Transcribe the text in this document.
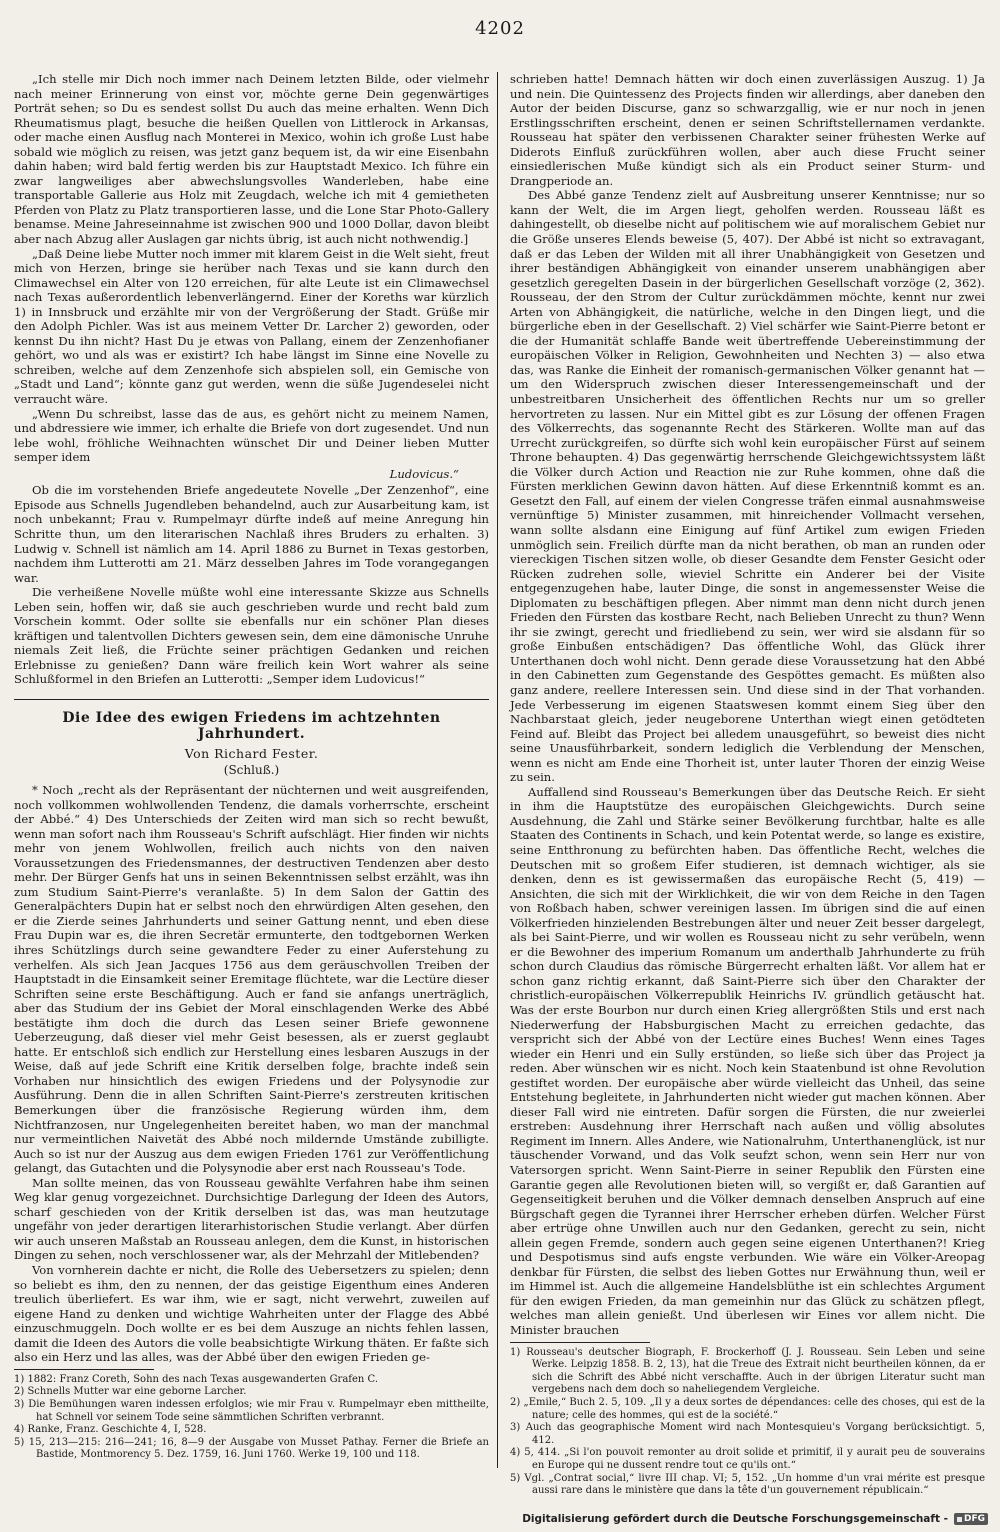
4202

„Ich stelle mir Dich noch immer nach Deinem letzten Bilde, oder vielmehr nach meiner Erinnerung von einst vor, möchte gerne Dein gegenwärtiges Porträt sehen; so Du es sendest sollst Du auch das meine erhalten. Wenn Dich Rheumatismus plagt, besuche die heißen Quellen von Littlerock in Arkansas, oder mache einen Ausflug nach Monterei in Mexico, wohin ich große Lust habe sobald wie möglich zu reisen, was jetzt ganz bequem ist, da wir eine Eisenbahn dahin haben; wird bald fertig werden bis zur Hauptstadt Mexico. Ich führe ein zwar langweiliges aber abwechslungsvolles Wanderleben, habe eine transportable Gallerie aus Holz mit Zeugdach, welche ich mit 4 gemietheten Pferden von Platz zu Platz transportieren lasse, und die Lone Star Photo-Gallery benamse. Meine Jahreseinnahme ist zwischen 900 und 1000 Dollar, davon bleibt aber nach Abzug aller Auslagen gar nichts übrig, ist auch nicht nothwendig.]

„Daß Deine liebe Mutter noch immer mit klarem Geist in die Welt sieht, freut mich von Herzen, bringe sie herüber nach Texas und sie kann durch den Climawechsel ein Alter von 120 erreichen, für alte Leute ist ein Climawechsel nach Texas außerordentlich lebenverlängernd. Einer der Koreths war kürzlich 1) in Innsbruck und erzählte mir von der Vergrößerung der Stadt. Grüße mir den Adolph Pichler. Was ist aus meinem Vetter Dr. Larcher 2) geworden, oder kennst Du ihn nicht? Hast Du je etwas von Pallang, einem der Zenzenhofianer gehört, wo und als was er existirt? Ich habe längst im Sinne eine Novelle zu schreiben, welche auf dem Zenzenhofe sich abspielen soll, ein Gemische von „Stadt und Land“; könnte ganz gut werden, wenn die süße Jugendeselei nicht verraucht wäre.

„Wenn Du schreibst, lasse das de aus, es gehört nicht zu meinem Namen, und abdressiere wie immer, ich erhalte die Briefe von dort zugesendet. Und nun lebe wohl, fröhliche Weihnachten wünschet Dir und Deiner lieben Mutter semper idem

Ludovicus.“

Ob die im vorstehenden Briefe angedeutete Novelle „Der Zenzenhof“, eine Episode aus Schnells Jugendleben behandelnd, auch zur Ausarbeitung kam, ist noch unbekannt; Frau v. Rumpelmayr dürfte indeß auf meine Anregung hin Schritte thun, um den literarischen Nachlaß ihres Bruders zu erhalten. 3) Ludwig v. Schnell ist nämlich am 14. April 1886 zu Burnet in Texas gestorben, nachdem ihm Lutterotti am 21. März desselben Jahres im Tode vorangegangen war.

Die verheißene Novelle müßte wohl eine interessante Skizze aus Schnells Leben sein, hoffen wir, daß sie auch geschrieben wurde und recht bald zum Vorschein kommt. Oder sollte sie ebenfalls nur ein schöner Plan dieses kräftigen und talentvollen Dichters gewesen sein, dem eine dämonische Unruhe niemals Zeit ließ, die Früchte seiner prächtigen Gedanken und reichen Erlebnisse zu genießen? Dann wäre freilich kein Wort wahrer als seine Schlußformel in den Briefen an Lutterotti: „Semper idem Ludovicus!“

Die Idee des ewigen Friedens im achtzehnten Jahrhundert.
Von Richard Fester.
(Schluß.)

* Noch „recht als der Repräsentant der nüchternen und weit ausgreifenden, noch vollkommen wohlwollenden Tendenz, die damals vorherrschte, erscheint der Abbé.“ 4) Des Unterschieds der Zeiten wird man sich so recht bewußt, wenn man sofort nach ihm Rousseau's Schrift aufschlägt. Hier finden wir nichts mehr von jenem Wohlwollen, freilich auch nichts von den naiven Voraussetzungen des Friedensmannes, der destructiven Tendenzen aber desto mehr. Der Bürger Genfs hat uns in seinen Bekenntnissen selbst erzählt, was ihn zum Studium Saint-Pierre's veranlaßte. 5) In dem Salon der Gattin des Generalpächters Dupin hat er selbst noch den ehrwürdigen Alten gesehen, den er die Zierde seines Jahrhunderts und seiner Gattung nennt, und eben diese Frau Dupin war es, die ihren Secretär ermunterte, den todtgebornen Werken ihres Schützlings durch seine gewandtere Feder zu einer Auferstehung zu verhelfen. Als sich Jean Jacques 1756 aus dem geräuschvollen Treiben der Hauptstadt in die Einsamkeit seiner Eremitage flüchtete, war die Lectüre dieser Schriften seine erste Beschäftigung. Auch er fand sie anfangs unerträglich, aber das Studium der ins Gebiet der Moral einschlagenden Werke des Abbé bestätigte ihm doch die durch das Lesen seiner Briefe gewonnene Ueberzeugung, daß dieser viel mehr Geist besessen, als er zuerst geglaubt hatte. Er entschloß sich endlich zur Herstellung eines lesbaren Auszugs in der Weise, daß auf jede Schrift eine Kritik derselben folge, brachte indeß sein Vorhaben nur hinsichtlich des ewigen Friedens und der Polysynodie zur Ausführung. Denn die in allen Schriften Saint-Pierre's zerstreuten kritischen Bemerkungen über die französische Regierung würden ihm, dem Nichtfranzosen, nur Ungelegenheiten bereitet haben, wo man der manchmal nur vermeintlichen Naivetät des Abbé noch mildernde Umstände zubilligte. Auch so ist nur der Auszug aus dem ewigen Frieden 1761 zur Veröffentlichung gelangt, das Gutachten und die Polysynodie aber erst nach Rousseau's Tode.

Man sollte meinen, das von Rousseau gewählte Verfahren habe ihm seinen Weg klar genug vorgezeichnet. Durchsichtige Darlegung der Ideen des Autors, scharf geschieden von der Kritik derselben ist das, was man heutzutage ungefähr von jeder derartigen literarhistorischen Studie verlangt. Aber dürfen wir auch unseren Maßstab an Rousseau anlegen, dem die Kunst, in historischen Dingen zu sehen, noch verschlossener war, als der Mehrzahl der Mitlebenden?

Von vornherein dachte er nicht, die Rolle des Uebersetzers zu spielen; denn so beliebt es ihm, den zu nennen, der das geistige Eigenthum eines Anderen treulich überliefert. Es war ihm, wie er sagt, nicht verwehrt, zuweilen auf eigene Hand zu denken und wichtige Wahrheiten unter der Flagge des Abbé einzuschmuggeln. Doch wollte er es bei dem Auszuge an nichts fehlen lassen, damit die Ideen des Autors die volle beabsichtigte Wirkung thäten. Er faßte sich also ein Herz und las alles, was der Abbé über den ewigen Frieden ge-

1) 1882: Franz Coreth, Sohn des nach Texas ausgewanderten Grafen C.

2) Schnells Mutter war eine geborne Larcher.

3) Die Bemühungen waren indessen erfolglos; wie mir Frau v. Rumpelmayr eben mittheilte, hat Schnell vor seinem Tode seine sämmtlichen Schriften verbrannt.

4) Ranke, Franz. Geschichte 4, I, 528.

5) 15, 213—215: 216—241; 16, 8—9 der Ausgabe von Musset Pathay. Ferner die Briefe an Bastide, Montmorency 5. Dez. 1759, 16. Juni 1760. Werke 19, 100 und 118.

schrieben hatte! Demnach hätten wir doch einen zuverlässigen Auszug. 1) Ja und nein. Die Quintessenz des Projects finden wir allerdings, aber daneben den Autor der beiden Discurse, ganz so schwarzgallig, wie er nur noch in jenen Erstlingsschriften erscheint, denen er seinen Schriftstellernamen verdankte. Rousseau hat später den verbissenen Charakter seiner frühesten Werke auf Diderots Einfluß zurückführen wollen, aber auch diese Frucht seiner einsiedlerischen Muße kündigt sich als ein Product seiner Sturm- und Drangperiode an.

Des Abbé ganze Tendenz zielt auf Ausbreitung unserer Kenntnisse; nur so kann der Welt, die im Argen liegt, geholfen werden. Rousseau läßt es dahingestellt, ob dieselbe nicht auf politischem wie auf moralischem Gebiet nur die Größe unseres Elends beweise (5, 407). Der Abbé ist nicht so extravagant, daß er das Leben der Wilden mit all ihrer Unabhängigkeit von Gesetzen und ihrer beständigen Abhängigkeit von einander unserem unabhängigen aber gesetzlich geregelten Dasein in der bürgerlichen Gesellschaft vorzöge (2, 362). Rousseau, der den Strom der Cultur zurückdämmen möchte, kennt nur zwei Arten von Abhängigkeit, die natürliche, welche in den Dingen liegt, und die bürgerliche eben in der Gesellschaft. 2) Viel schärfer wie Saint-Pierre betont er die der Humanität schlaffe Bande weit übertreffende Uebereinstimmung der europäischen Völker in Religion, Gewohnheiten und Nechten 3) — also etwa das, was Ranke die Einheit der romanisch-germanischen Völker genannt hat — um den Widerspruch zwischen dieser Interessengemeinschaft und der unbestreitbaren Unsicherheit des öffentlichen Rechts nur um so greller hervortreten zu lassen. Nur ein Mittel gibt es zur Lösung der offenen Fragen des Völkerrechts, das sogenannte Recht des Stärkeren. Wollte man auf das Urrecht zurückgreifen, so dürfte sich wohl kein europäischer Fürst auf seinem Throne behaupten. 4) Das gegenwärtig herrschende Gleichgewichtssystem läßt die Völker durch Action und Reaction nie zur Ruhe kommen, ohne daß die Fürsten merklichen Gewinn davon hätten. Auf diese Erkenntniß kommt es an. Gesetzt den Fall, auf einem der vielen Congresse träfen einmal ausnahmsweise vernünftige 5) Minister zusammen, mit hinreichender Vollmacht versehen, wann sollte alsdann eine Einigung auf fünf Artikel zum ewigen Frieden unmöglich sein. Freilich dürfte man da nicht berathen, ob man an runden oder viereckigen Tischen sitzen wolle, ob dieser Gesandte dem Fenster Gesicht oder Rücken zudrehen solle, wieviel Schritte ein Anderer bei der Visite entgegenzugehen habe, lauter Dinge, die sonst in angemessenster Weise die Diplomaten zu beschäftigen pflegen. Aber nimmt man denn nicht durch jenen Frieden den Fürsten das kostbare Recht, nach Belieben Unrecht zu thun? Wenn ihr sie zwingt, gerecht und friedliebend zu sein, wer wird sie alsdann für so große Einbußen entschädigen? Das öffentliche Wohl, das Glück ihrer Unterthanen doch wohl nicht. Denn gerade diese Voraussetzung hat den Abbé in den Cabinetten zum Gegenstande des Gespöttes gemacht. Es müßten also ganz andere, reellere Interessen sein. Und diese sind in der That vorhanden. Jede Verbesserung im eigenen Staatswesen kommt einem Sieg über den Nachbarstaat gleich, jeder neugeborene Unterthan wiegt einen getödteten Feind auf. Bleibt das Project bei alledem unausgeführt, so beweist dies nicht seine Unausführbarkeit, sondern lediglich die Verblendung der Menschen, wenn es nicht am Ende eine Thorheit ist, unter lauter Thoren der einzig Weise zu sein.

Auffallend sind Rousseau's Bemerkungen über das Deutsche Reich. Er sieht in ihm die Hauptstütze des europäischen Gleichgewichts. Durch seine Ausdehnung, die Zahl und Stärke seiner Bevölkerung furchtbar, halte es alle Staaten des Continents in Schach, und kein Potentat werde, so lange es existire, seine Entthronung zu befürchten haben. Das öffentliche Recht, welches die Deutschen mit so großem Eifer studieren, ist demnach wichtiger, als sie denken, denn es ist gewissermaßen das europäische Recht (5, 419) — Ansichten, die sich mit der Wirklichkeit, die wir von dem Reiche in den Tagen von Roßbach haben, schwer vereinigen lassen. Im übrigen sind die auf einen Völkerfrieden hinzielenden Bestrebungen älter und neuer Zeit besser dargelegt, als bei Saint-Pierre, und wir wollen es Rousseau nicht zu sehr verübeln, wenn er die Bewohner des imperium Romanum um anderthalb Jahrhunderte zu früh schon durch Claudius das römische Bürgerrecht erhalten läßt. Vor allem hat er schon ganz richtig erkannt, daß Saint-Pierre sich über den Charakter der christlich-europäischen Völkerrepublik Heinrichs IV. gründlich getäuscht hat. Was der erste Bourbon nur durch einen Krieg allergrößten Stils und erst nach Niederwerfung der Habsburgischen Macht zu erreichen gedachte, das verspricht sich der Abbé von der Lectüre eines Buches! Wenn eines Tages wieder ein Henri und ein Sully erstünden, so ließe sich über das Project ja reden. Aber wünschen wir es nicht. Noch kein Staatenbund ist ohne Revolution gestiftet worden. Der europäische aber würde vielleicht das Unheil, das seine Entstehung begleitete, in Jahrhunderten nicht wieder gut machen können. Aber dieser Fall wird nie eintreten. Dafür sorgen die Fürsten, die nur zweierlei erstreben: Ausdehnung ihrer Herrschaft nach außen und völlig absolutes Regiment im Innern. Alles Andere, wie Nationalruhm, Unterthanenglück, ist nur täuschender Vorwand, und das Volk seufzt schon, wenn sein Herr nur von Vatersorgen spricht. Wenn Saint-Pierre in seiner Republik den Fürsten eine Garantie gegen alle Revolutionen bieten will, so vergißt er, daß Garantien auf Gegenseitigkeit beruhen und die Völker demnach denselben Anspruch auf eine Bürgschaft gegen die Tyrannei ihrer Herrscher erheben dürfen. Welcher Fürst aber ertrüge ohne Unwillen auch nur den Gedanken, gerecht zu sein, nicht allein gegen Fremde, sondern auch gegen seine eigenen Unterthanen?! Krieg und Despotismus sind aufs engste verbunden. Wie wäre ein Völker-Areopag denkbar für Fürsten, die selbst des lieben Gottes nur Erwähnung thun, weil er im Himmel ist. Auch die allgemeine Handelsblüthe ist ein schlechtes Argument für den ewigen Frieden, da man gemeinhin nur das Glück zu schätzen pflegt, welches man allein genießt. Und überlesen wir Eines vor allem nicht. Die Minister brauchen

1) Rousseau's deutscher Biograph, F. Brockerhoff (J. J. Rousseau. Sein Leben und seine Werke. Leipzig 1858. B. 2, 13), hat die Treue des Extrait nicht beurtheilen können, da er sich die Schrift des Abbé nicht verschaffte. Auch in der übrigen Literatur sucht man vergebens nach dem doch so naheliegendem Vergleiche.

2) „Emile,“ Buch 2. 5, 109. „Il y a deux sortes de dépendances: celle des choses, qui est de la nature; celle des hommes, qui est de la société.“

3) Auch das geographische Moment wird nach Montesquieu's Vorgang berücksichtigt. 5, 412.

4) 5, 414. „Si l'on pouvoit remonter au droit solide et primitif, il y aurait peu de souverains en Europe qui ne dussent rendre tout ce qu'ils ont.“

5) Vgl. „Contrat social,“ livre III chap. VI; 5, 152. „Un homme d'un vrai mérite est presque aussi rare dans le ministère que dans la tête d'un gouvernement républicain.“

Digitalisierung gefördert durch die Deutsche Forschungsgemeinschaft - DFG
